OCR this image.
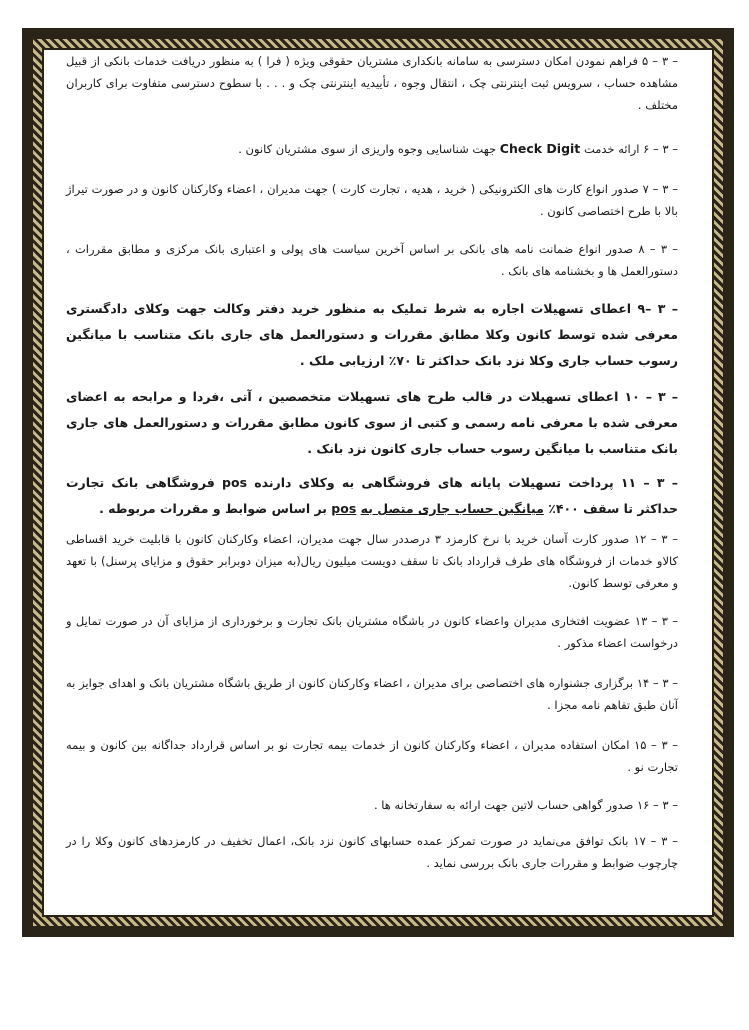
۵ – ۳ – فراهم نمودن امکان دسترسی به سامانه بانکداری مشتریان حقوقی ویژه ( فرا ) به منظور دریافت خدمات بانکی از قبیل مشاهده حساب ، سرویس ثبت اینترنتی چک ، انتقال وجوه ، تأییدیه اینترنتی چک و . . . با سطوح دسترسی متفاوت برای کاربران مختلف .

۶ – ۳ – ارائه خدمت Check Digit جهت شناسایی وجوه واریزی از سوی مشتریان کانون .

۷ – ۳ – صدور انواع کارت های الکترونیکی ( خرید ، هدیه ، تجارت کارت ) جهت مدیران ، اعضاء وکارکنان کانون و در صورت تیراژ بالا با طرح اختصاصی کانون .

۸ – ۳ – صدور انواع ضمانت نامه های بانکی بر اساس آخرین سیاست های پولی و اعتباری بانک مرکزی و مطابق مقررات ، دستورالعمل ها و بخشنامه های بانک .

۹– ۳ – اعطای تسهیلات اجاره به شرط تملیک به منظور خرید دفتر وکالت جهت وکلای دادگستری معرفی شده توسط کانون وکلا مطابق مقررات و دستورالعمل های جاری بانک متناسب با میانگین رسوب حساب جاری وکلا نزد بانک حداکثر تا ۷۰٪ ارزیابی ملک .

۱۰ – ۳ – اعطای تسهیلات در قالب طرح های تسهیلات متخصصین ، آتی ،فردا و مرابحه به اعضای معرفی شده با معرفی نامه رسمی و کتبی از سوی کانون مطابق مقررات و دستورالعمل های جاری بانک متناسب با میانگین رسوب حساب جاری کانون نزد بانک .

۱۱ – ۳ – پرداخت تسهیلات پایانه های فروشگاهی به وکلای دارنده pos فروشگاهی بانک تجارت حداکثر تا سقف ۴۰۰٪ میانگین حساب جاری متصل به pos بر اساس ضوابط و مقررات مربوطه .

۱۲ – ۳ – صدور کارت آسان خرید با نرخ کارمزد ۳ درصددر سال جهت مدیران، اعضاء وکارکنان کانون با قابلیت خرید اقساطی کالاو خدمات از فروشگاه های طرف قرارداد بانک تا سقف دویست میلیون ریال(به میزان دوبرابر حقوق و مزایای پرسنل) با تعهد و معرفی توسط کانون.

۱۳ – ۳ – عضویت افتخاری مدیران واعضاء کانون در باشگاه مشتریان بانک تجارت و برخورداری از مزایای آن در صورت تمایل و درخواست اعضاء مذکور .

۱۴ – ۳ – برگزاری جشنواره های اختصاصی برای مدیران ، اعضاء وکارکنان کانون از طریق باشگاه مشتریان بانک و اهدای جوایز به آنان طبق تفاهم نامه مجزا .

۱۵ – ۳ – امکان استفاده مدیران ، اعضاء وکارکنان کانون از خدمات بیمه تجارت نو بر اساس قرارداد جداگانه بین کانون و بیمه تجارت نو .

۱۶ – ۳ – صدور گواهی حساب لاتین جهت ارائه به سفارتخانه ها .

۱۷ – ۳ – بانک توافق می‌نماید در صورت تمرکز عمده حسابهای کانون نزد بانک، اعمال تخفیف در کارمزدهای کانون وکلا را در چارچوب ضوابط و مقررات جاری بانک بررسی نماید .
